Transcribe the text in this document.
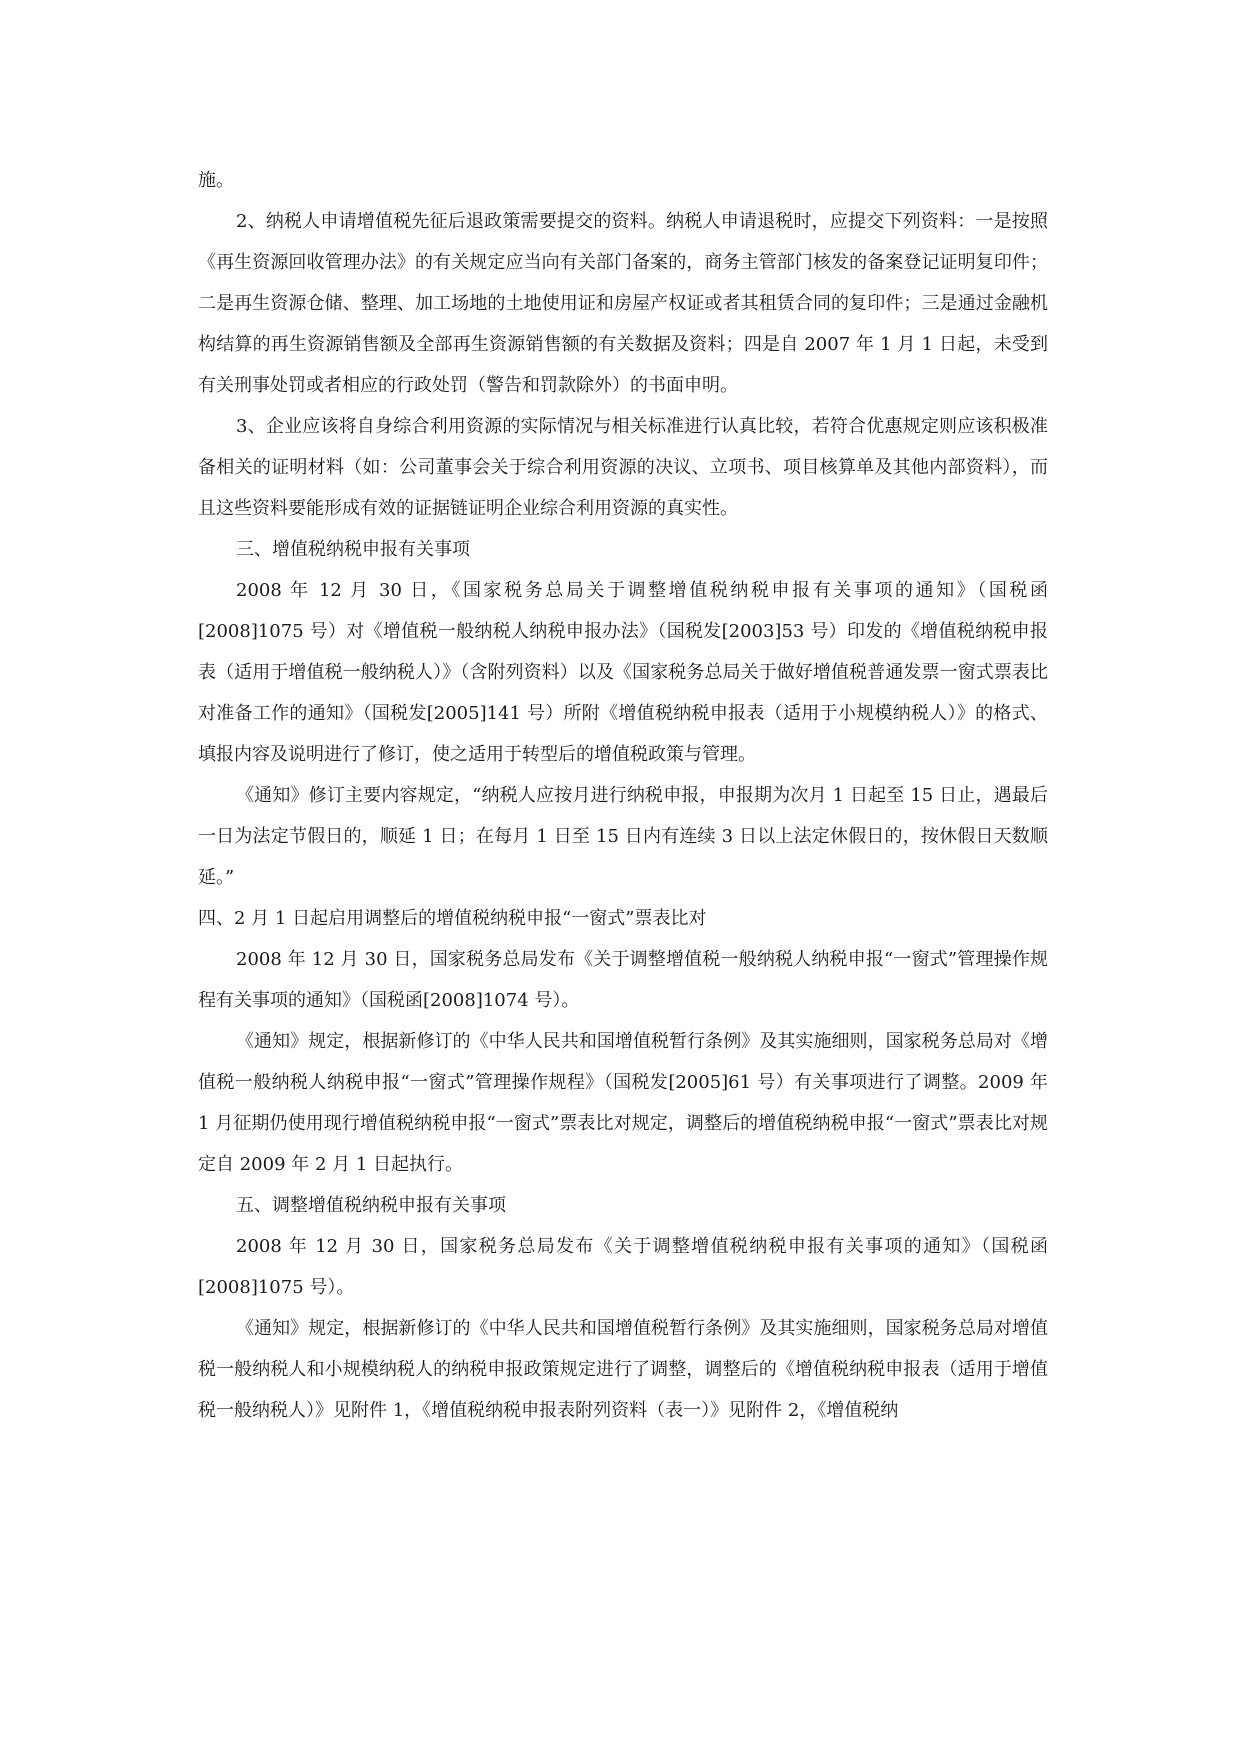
施。

2、纳税人申请增值税先征后退政策需要提交的资料。纳税人申请退税时，应提交下列资料：一是按照《再生资源回收管理办法》的有关规定应当向有关部门备案的，商务主管部门核发的备案登记证明复印件；二是再生资源仓储、整理、加工场地的土地使用证和房屋产权证或者其租赁合同的复印件；三是通过金融机构结算的再生资源销售额及全部再生资源销售额的有关数据及资料；四是自 2007 年 1 月 1 日起，未受到有关刑事处罚或者相应的行政处罚（警告和罚款除外）的书面申明。

3、企业应该将自身综合利用资源的实际情况与相关标准进行认真比较，若符合优惠规定则应该积极准备相关的证明材料（如：公司董事会关于综合利用资源的决议、立项书、项目核算单及其他内部资料），而且这些资料要能形成有效的证据链证明企业综合利用资源的真实性。

三、增值税纳税申报有关事项

2008 年 12 月 30 日，《国家税务总局关于调整增值税纳税申报有关事项的通知》（国税函[2008]1075 号）对《增值税一般纳税人纳税申报办法》（国税发[2003]53 号）印发的《增值税纳税申报表（适用于增值税一般纳税人）》（含附列资料）以及《国家税务总局关于做好增值税普通发票一窗式票表比对准备工作的通知》（国税发[2005]141 号）所附《增值税纳税申报表（适用于小规模纳税人）》的格式、填报内容及说明进行了修订，使之适用于转型后的增值税政策与管理。

《通知》修订主要内容规定，“纳税人应按月进行纳税申报，申报期为次月 1 日起至 15 日止，遇最后一日为法定节假日的，顺延 1 日；在每月 1 日至 15 日内有连续 3 日以上法定休假日的，按休假日天数顺延。”

四、2 月 1 日起启用调整后的增值税纳税申报“一窗式”票表比对

2008 年 12 月 30 日，国家税务总局发布《关于调整增值税一般纳税人纳税申报“一窗式”管理操作规程有关事项的通知》（国税函[2008]1074 号）。

《通知》规定，根据新修订的《中华人民共和国增值税暂行条例》及其实施细则，国家税务总局对《增值税一般纳税人纳税申报“一窗式”管理操作规程》（国税发[2005]61 号）有关事项进行了调整。2009 年 1 月征期仍使用现行增值税纳税申报“一窗式”票表比对规定，调整后的增值税纳税申报“一窗式”票表比对规定自 2009 年 2 月 1 日起执行。

五、调整增值税纳税申报有关事项

2008 年 12 月 30 日，国家税务总局发布《关于调整增值税纳税申报有关事项的通知》（国税函[2008]1075 号）。

《通知》规定，根据新修订的《中华人民共和国增值税暂行条例》及其实施细则，国家税务总局对增值税一般纳税人和小规模纳税人的纳税申报政策规定进行了调整，调整后的《增值税纳税申报表（适用于增值税一般纳税人）》见附件 1，《增值税纳税申报表附列资料（表一）》见附件 2，《增值税纳
